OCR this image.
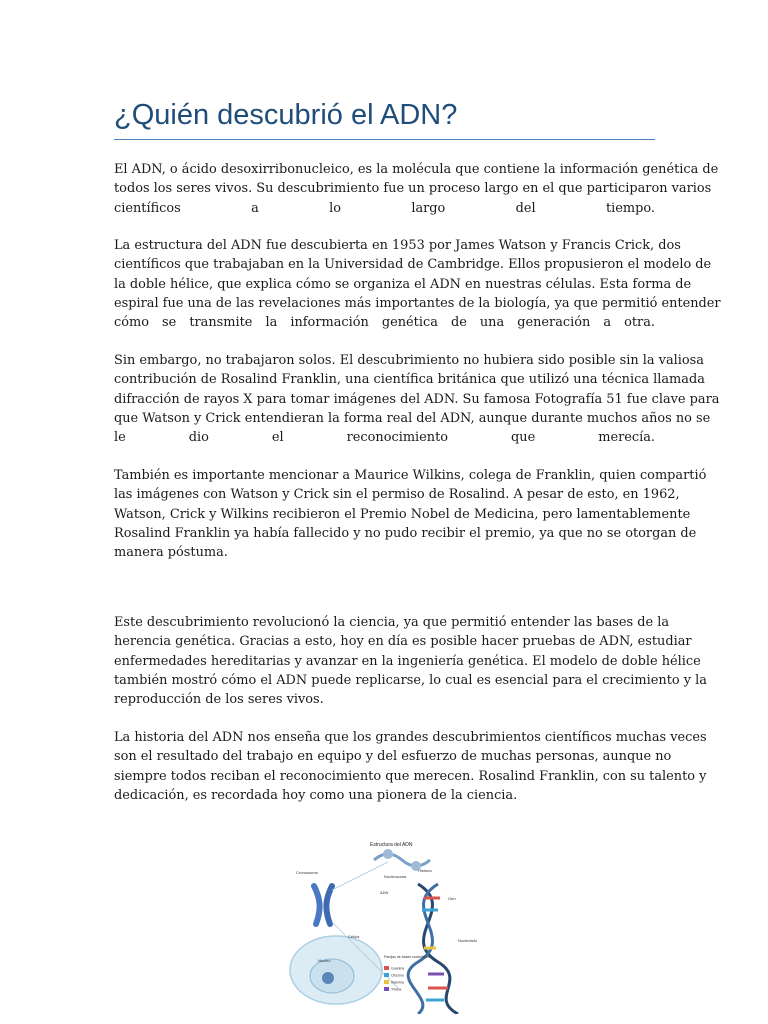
¿Quién descubrió el ADN?
El ADN, o ácido desoxirribonucleico, es la molécula que contiene la información genética de
todos los seres vivos. Su descubrimiento fue un proceso largo en el que participaron varios
científicos a lo largo del tiempo.
La estructura del ADN fue descubierta en 1953 por James Watson y Francis Crick, dos
científicos que trabajaban en la Universidad de Cambridge. Ellos propusieron el modelo de
la doble hélice, que explica cómo se organiza el ADN en nuestras células. Esta forma de
espiral fue una de las revelaciones más importantes de la biología, ya que permitió entender
cómo se transmite la información genética de una generación a otra.
Sin embargo, no trabajaron solos. El descubrimiento no hubiera sido posible sin la valiosa
contribución de Rosalind Franklin, una científica británica que utilizó una técnica llamada
difracción de rayos X para tomar imágenes del ADN. Su famosa Fotografía 51 fue clave para
que Watson y Crick entendieran la forma real del ADN, aunque durante muchos años no se
le dio el reconocimiento que merecía.
También es importante mencionar a Maurice Wilkins, colega de Franklin, quien compartió
las imágenes con Watson y Crick sin el permiso de Rosalind. A pesar de esto, en 1962,
Watson, Crick y Wilkins recibieron el Premio Nobel de Medicina, pero lamentablemente
Rosalind Franklin ya había fallecido y no pudo recibir el premio, ya que no se otorgan de
manera póstuma.
Este descubrimiento revolucionó la ciencia, ya que permitió entender las bases de la
herencia genética. Gracias a esto, hoy en día es posible hacer pruebas de ADN, estudiar
enfermedades hereditarias y avanzar en la ingeniería genética. El modelo de doble hélice
también mostró cómo el ADN puede replicarse, lo cual es esencial para el crecimiento y la
reproducción de los seres vivos.
La historia del ADN nos enseña que los grandes descubrimientos científicos muchas veces
son el resultado del trabajo en equipo y del esfuerzo de muchas personas, aunque no
siempre todos reciban el reconocimiento que merecen. Rosalind Franklin, con su talento y
dedicación, es recordada hoy como una pionera de la ciencia.
Estructura del ADN
Cromosoma	Histona
Nucleosoma
Gen
ADN
Célula
Núcleo
Nucleótido
Parejas de bases nucleótidos
Guanina
Citosina
Adenina
Timina
